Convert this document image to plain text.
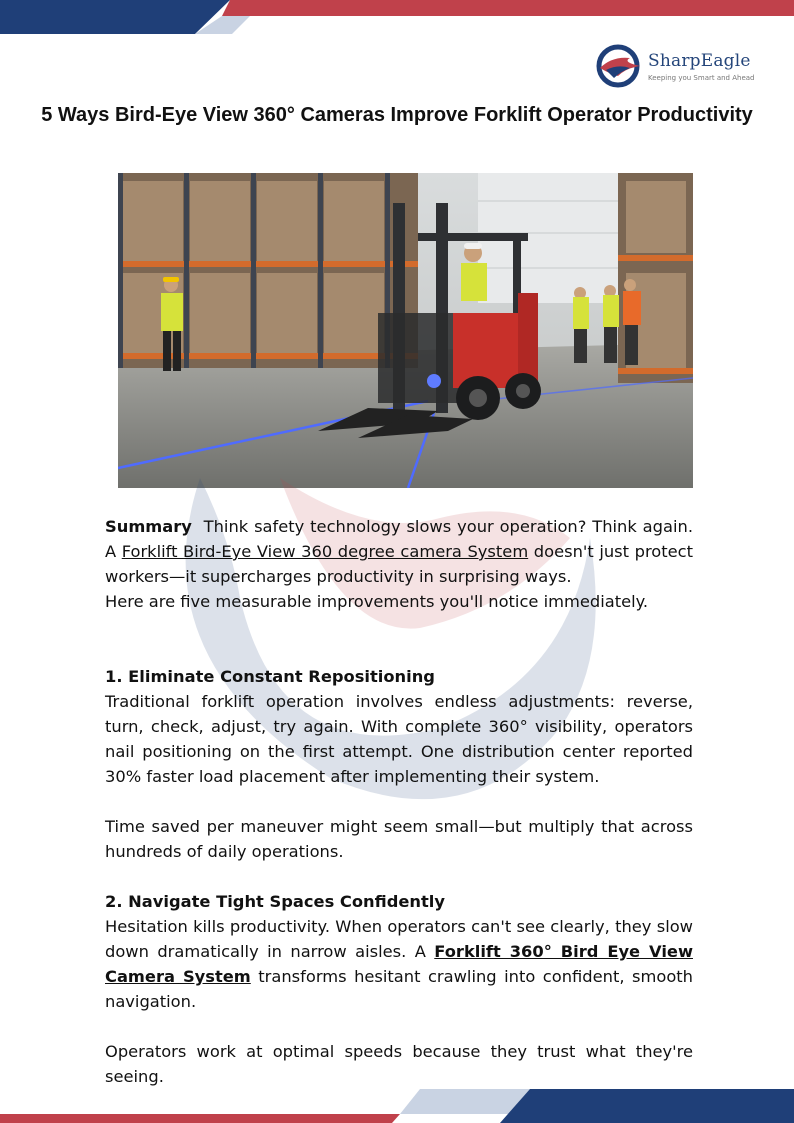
SharpEagle
Keeping you Smart and Ahead
5 Ways Bird-Eye View 360° Cameras Improve Forklift Operator Productivity

Summary Think safety technology slows your operation? Think again. A Forklift Bird-Eye View 360 degree camera System doesn't just protect workers—it supercharges productivity in surprising ways.

Here are five measurable improvements you'll notice immediately.

1. Eliminate Constant Repositioning

Traditional forklift operation involves endless adjustments: reverse, turn, check, adjust, try again. With complete 360° visibility, operators nail positioning on the first attempt. One distribution center reported 30% faster load placement after implementing their system.

Time saved per maneuver might seem small—but multiply that across hundreds of daily operations.

2. Navigate Tight Spaces Confidently

Hesitation kills productivity. When operators can't see clearly, they slow down dramatically in narrow aisles. A Forklift 360° Bird Eye View Camera System transforms hesitant crawling into confident, smooth navigation.

Operators work at optimal speeds because they trust what they're seeing.
